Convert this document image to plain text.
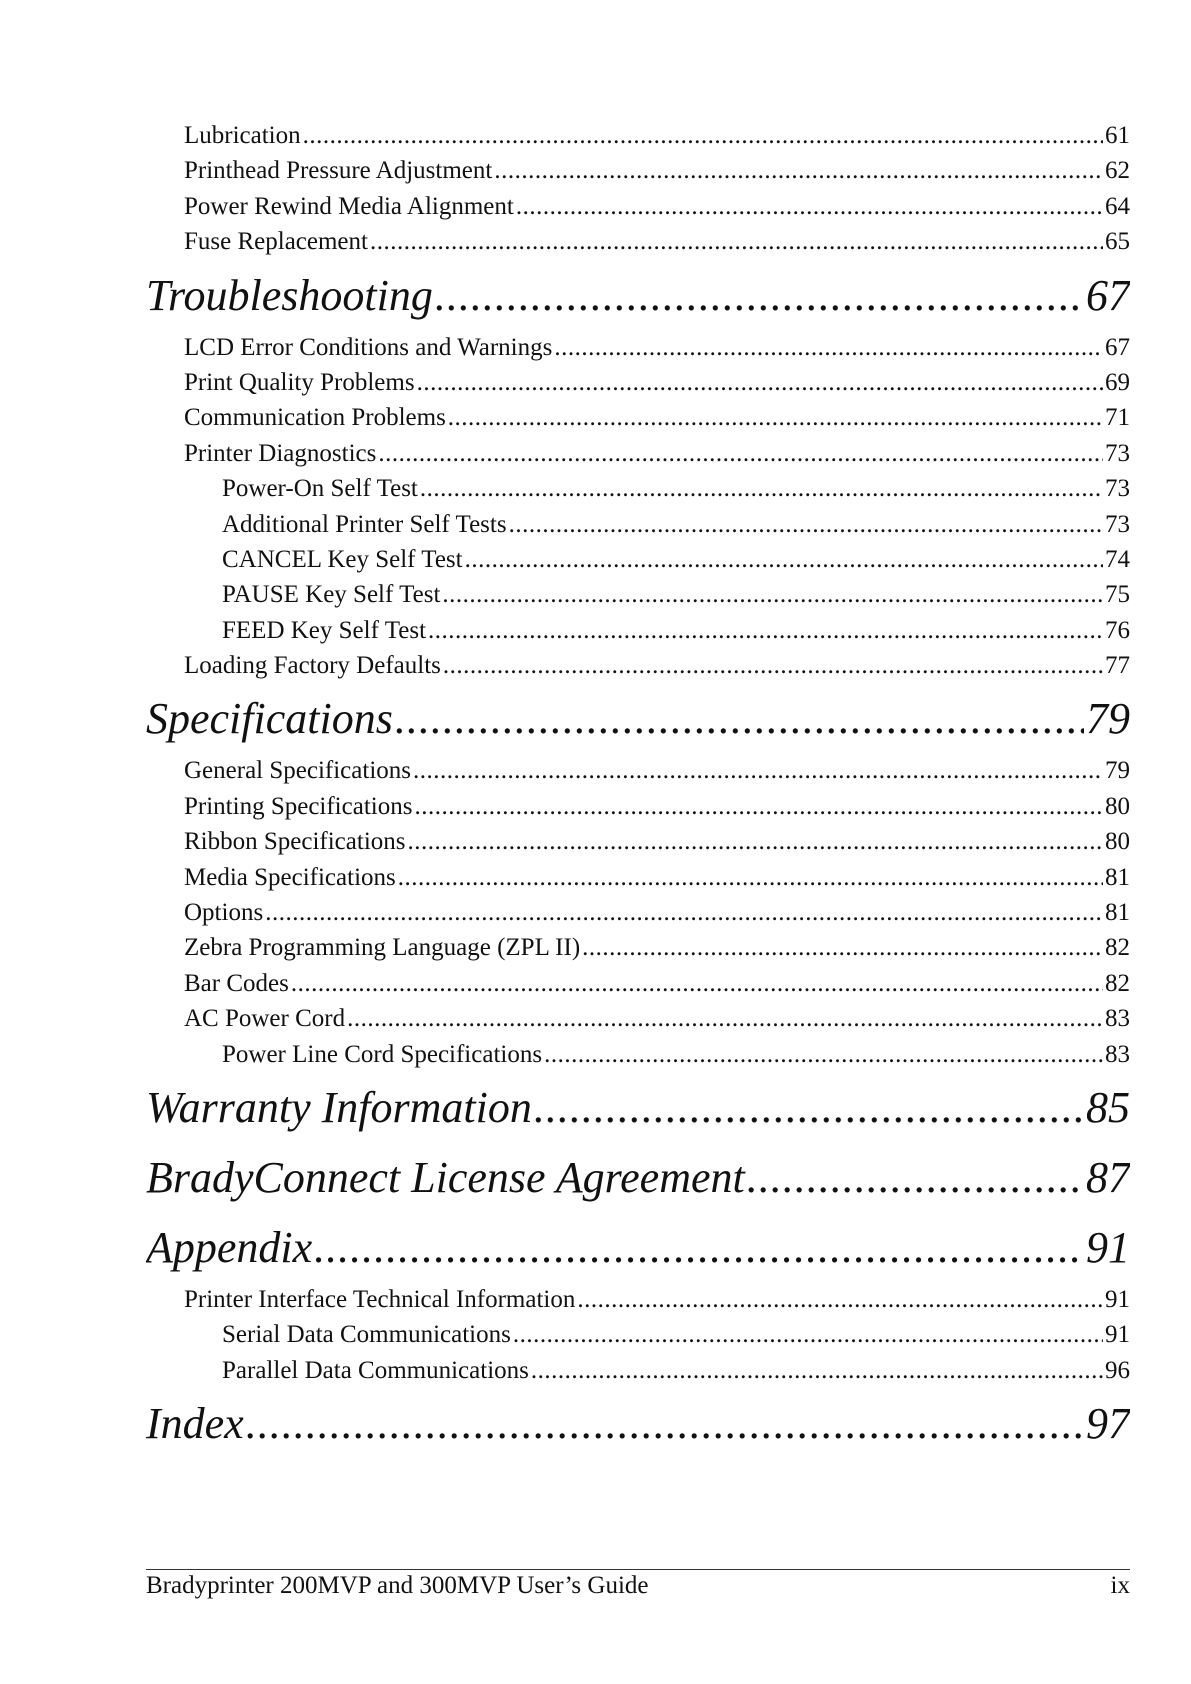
Lubrication .....	61
Printhead Pressure Adjustment .....	62
Power Rewind Media Alignment .....	64
Fuse Replacement .....	65
Troubleshooting .....	67
LCD Error Conditions and Warnings .....	67
Print Quality Problems .....	69
Communication Problems .....	71
Printer Diagnostics .....	73
Power-On Self Test .....	73
Additional Printer Self Tests .....	73
CANCEL Key Self Test .....	74
PAUSE Key Self Test .....	75
FEED Key Self Test .....	76
Loading Factory Defaults .....	77
Specifications .....	79
General Specifications .....	79
Printing Specifications .....	80
Ribbon Specifications .....	80
Media Specifications .....	81
Options .....	81
Zebra Programming Language (ZPL II) .....	82
Bar Codes .....	82
AC Power Cord .....	83
Power Line Cord Specifications .....	83
Warranty Information .....	85
BradyConnect License Agreement .....	87
Appendix .....	91
Printer Interface Technical Information .....	91
Serial Data Communications .....	91
Parallel Data Communications .....	96
Index .....	97
Bradyprinter 200MVP and 300MVP User’s Guide	ix
